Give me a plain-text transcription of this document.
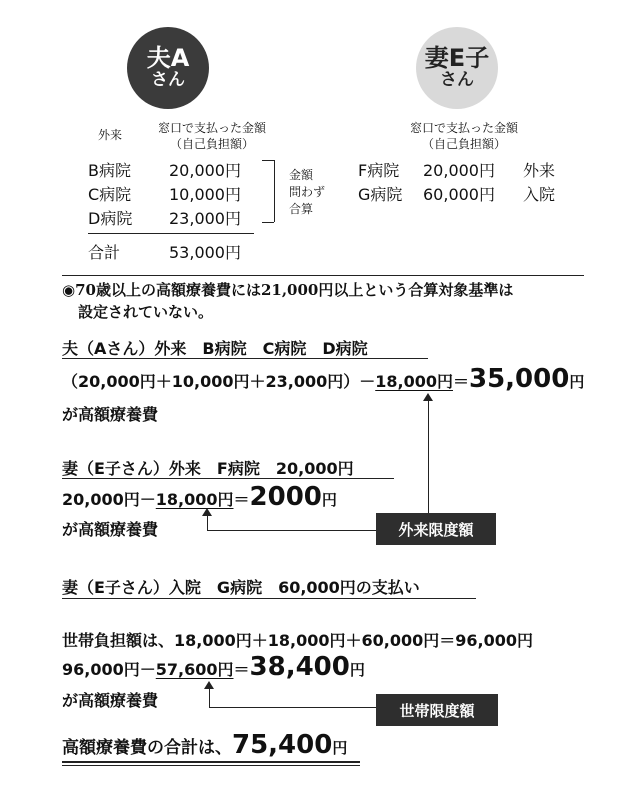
夫A
さん
外来	窓口で支払った金額
（自己負担額）
B病院 20,000円
C病院 10,000円
D病院 23,000円
金額
問わず
合算
合計	53,000円
妻E子
さん
窓口で支払った金額
（自己負担額）
F病院 20,000円 外来
G病院 60,000円 入院
◉70歳以上の高額療養費には21,000円以上という合算対象基準は
設定されていない。
夫（Aさん）外来　B病院　C病院　D病院
（20,000円＋10,000円＋23,000円）－ 18,000円 ＝ 35,000 円
が高額療養費
妻（E子さん）外来　F病院　20,000円
20,000円－ 18,000円 ＝ 2000 円
が高額療養費	外来限度額
妻（E子さん）入院　G病院　60,000円の支払い
世帯負担額は、18,000円＋18,000円＋60,000円＝96,000円
96,000円－ 57,600円 ＝ 38,400 円
が高額療養費
世帯限度額
高額療養費の合計は、 75,400 円
